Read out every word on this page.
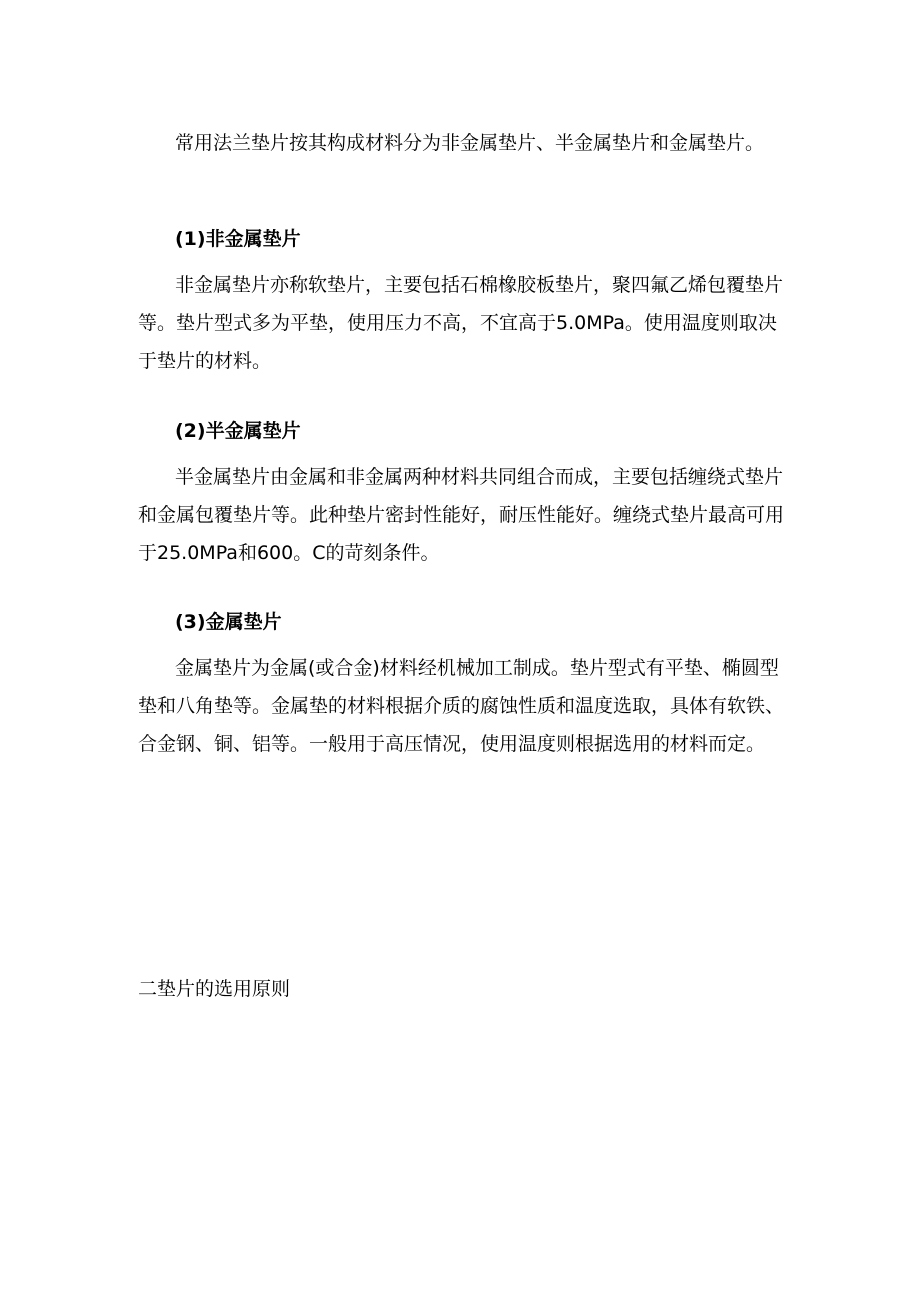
常用法兰垫片按其构成材料分为非金属垫片、半金属垫片和金属垫片。

(1)非金属垫片

非金属垫片亦称软垫片，主要包括石棉橡胶板垫片，聚四氟乙烯包覆垫片等。垫片型式多为平垫，使用压力不高，不宜高于5.0MPa。使用温度则取决于垫片的材料。

(2)半金属垫片

半金属垫片由金属和非金属两种材料共同组合而成，主要包括缠绕式垫片和金属包覆垫片等。此种垫片密封性能好，耐压性能好。缠绕式垫片最高可用于25.0MPa和600。C的苛刻条件。

(3)金属垫片

金属垫片为金属(或合金)材料经机械加工制成。垫片型式有平垫、椭圆型垫和八角垫等。金属垫的材料根据介质的腐蚀性质和温度选取，具体有软铁、合金钢、铜、铝等。一般用于高压情况，使用温度则根据选用的材料而定。

二垫片的选用原则
